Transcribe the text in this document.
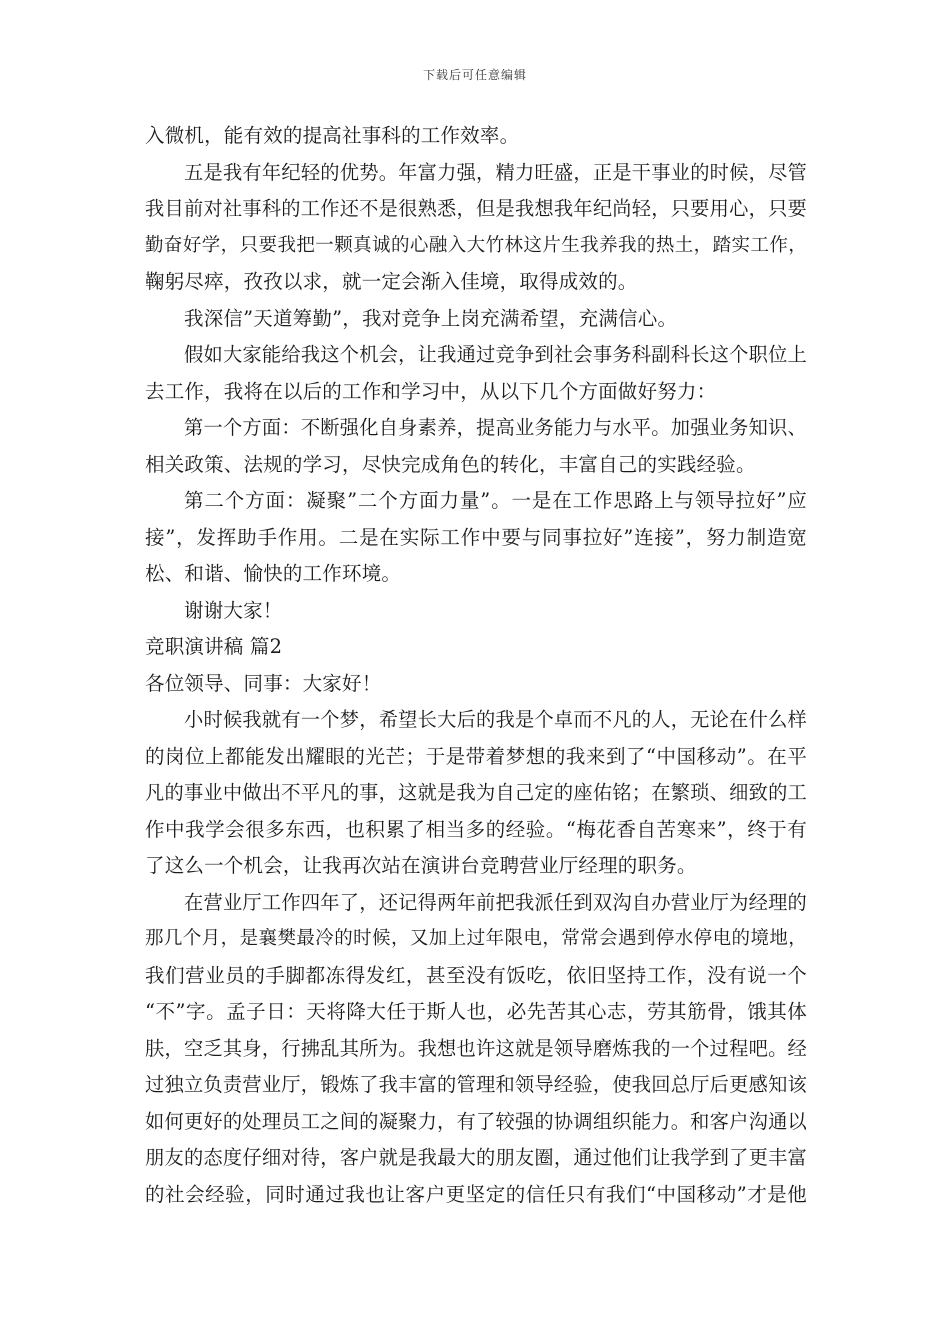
下载后可任意编辑
入微机，能有效的提高社事科的工作效率。
五是我有年纪轻的优势。年富力强，精力旺盛，正是干事业的时候，尽管
我目前对社事科的工作还不是很熟悉，但是我想我年纪尚轻，只要用心，只要
勤奋好学，只要我把一颗真诚的心融入大竹林这片生我养我的热土，踏实工作，
鞠躬尽瘁，孜孜以求，就一定会渐入佳境，取得成效的。
我深信”天道筹勤”，我对竞争上岗充满希望，充满信心。
假如大家能给我这个机会，让我通过竞争到社会事务科副科长这个职位上
去工作，我将在以后的工作和学习中，从以下几个方面做好努力：
第一个方面：不断强化自身素养，提高业务能力与水平。加强业务知识、
相关政策、法规的学习，尽快完成角色的转化，丰富自己的实践经验。
第二个方面：凝聚”二个方面力量”。一是在工作思路上与领导拉好”应
接”，发挥助手作用。二是在实际工作中要与同事拉好”连接”，努力制造宽
松、和谐、愉快的工作环境。
谢谢大家！
竞职演讲稿 篇2
各位领导、同事：大家好！
小时候我就有一个梦，希望长大后的我是个卓而不凡的人，无论在什么样
的岗位上都能发出耀眼的光芒；于是带着梦想的我来到了“中国移动”。在平
凡的事业中做出不平凡的事，这就是我为自己定的座佑铭；在繁琐、细致的工
作中我学会很多东西，也积累了相当多的经验。“梅花香自苦寒来”，终于有
了这么一个机会，让我再次站在演讲台竞聘营业厅经理的职务。
在营业厅工作四年了，还记得两年前把我派任到双沟自办营业厅为经理的
那几个月，是襄樊最冷的时候，又加上过年限电，常常会遇到停水停电的境地，
我们营业员的手脚都冻得发红，甚至没有饭吃，依旧坚持工作，没有说一个
“不”字。孟子日：天将降大任于斯人也，必先苦其心志，劳其筋骨，饿其体
肤，空乏其身，行拂乱其所为。我想也许这就是领导磨炼我的一个过程吧。经
过独立负责营业厅，锻炼了我丰富的管理和领导经验，使我回总厅后更感知该
如何更好的处理员工之间的凝聚力，有了较强的协调组织能力。和客户沟通以
朋友的态度仔细对待，客户就是我最大的朋友圈，通过他们让我学到了更丰富
的社会经验，同时通过我也让客户更坚定的信任只有我们“中国移动”才是他
